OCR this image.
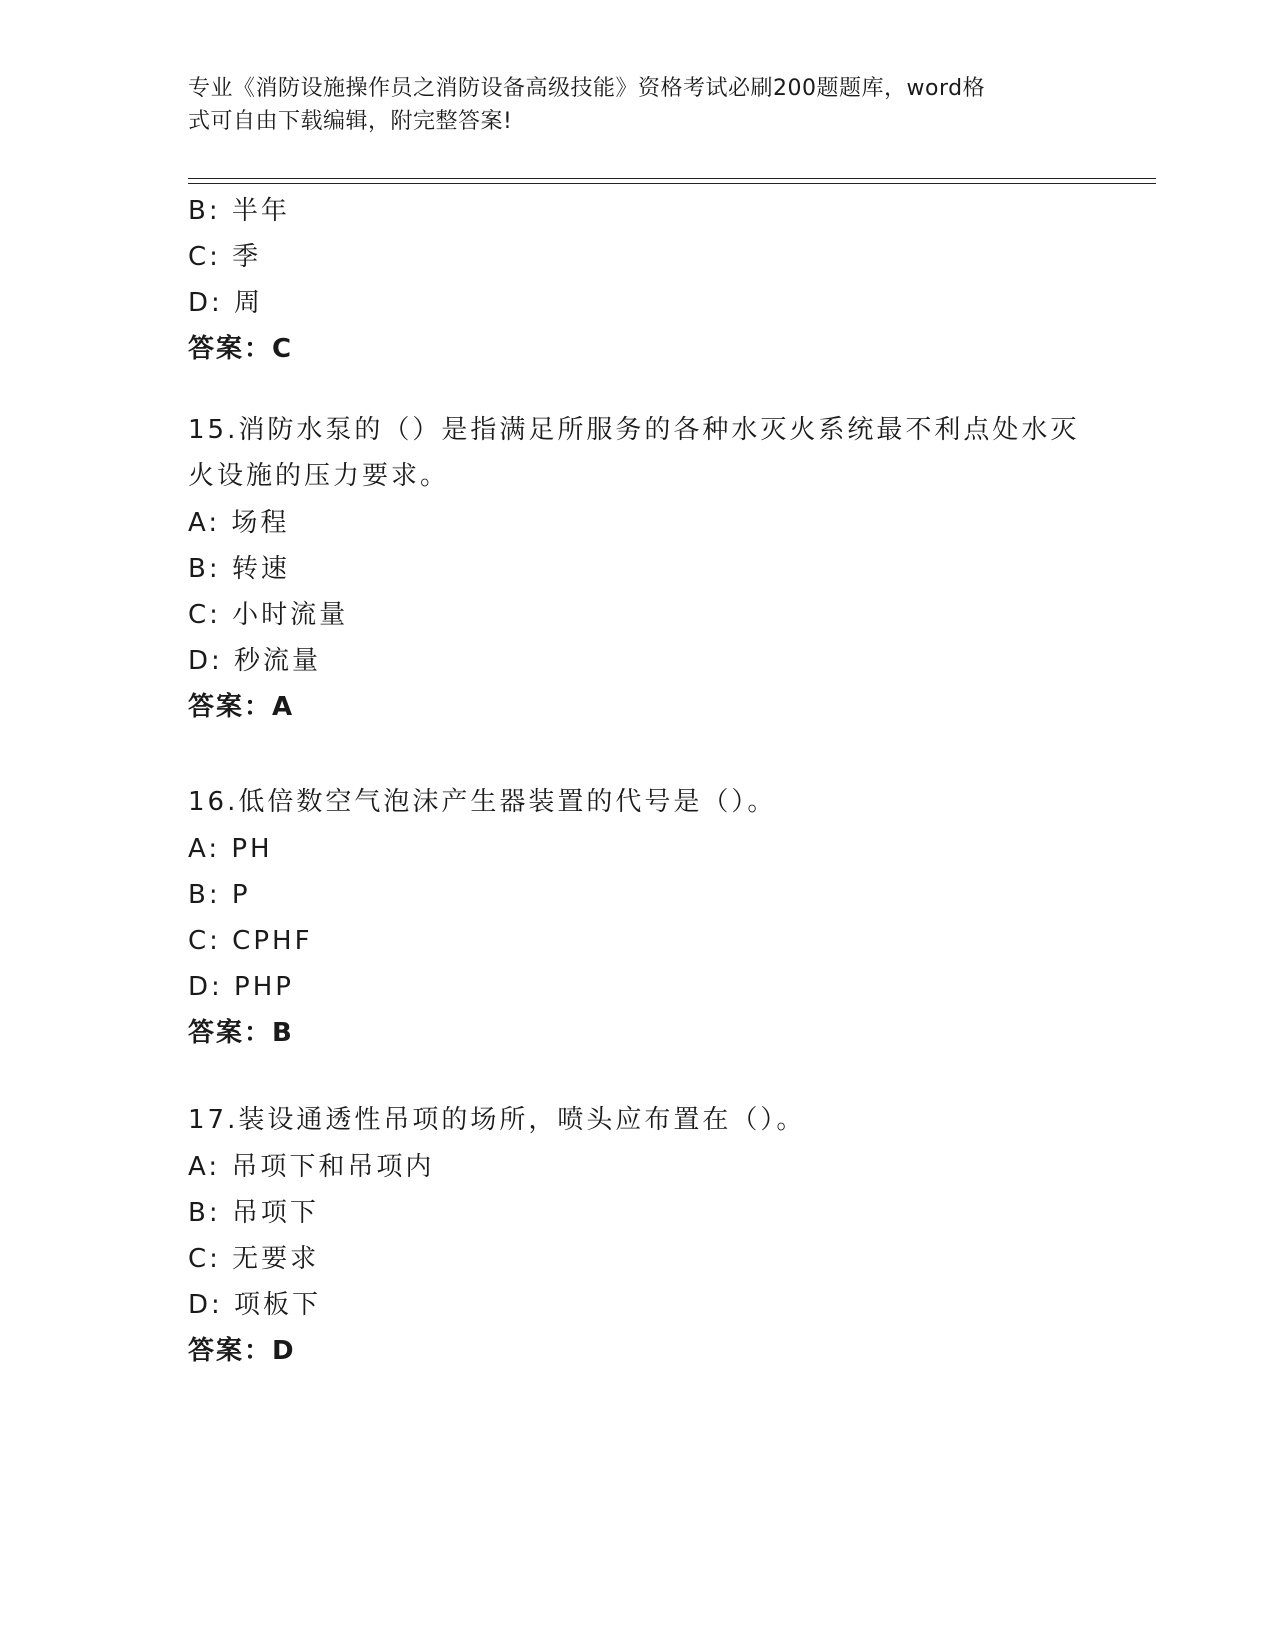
专业《消防设施操作员之消防设备高级技能》资格考试必刷200题题库，word格
式可自由下载编辑，附完整答案!
B: 半年
C: 季
D: 周
答案：C
15.消防水泵的（）是指满足所服务的各种水灭火系统最不利点处水灭
火设施的压力要求。
A: 场程
B: 转速
C: 小时流量
D: 秒流量
答案：A
16.低倍数空气泡沫产生器装置的代号是（）。
A: PH
B: P
C: CPHF
D: PHP
答案：B
17.装设通透性吊项的场所，喷头应布置在（）。
A: 吊项下和吊项内
B: 吊项下
C: 无要求
D: 项板下
答案：D
